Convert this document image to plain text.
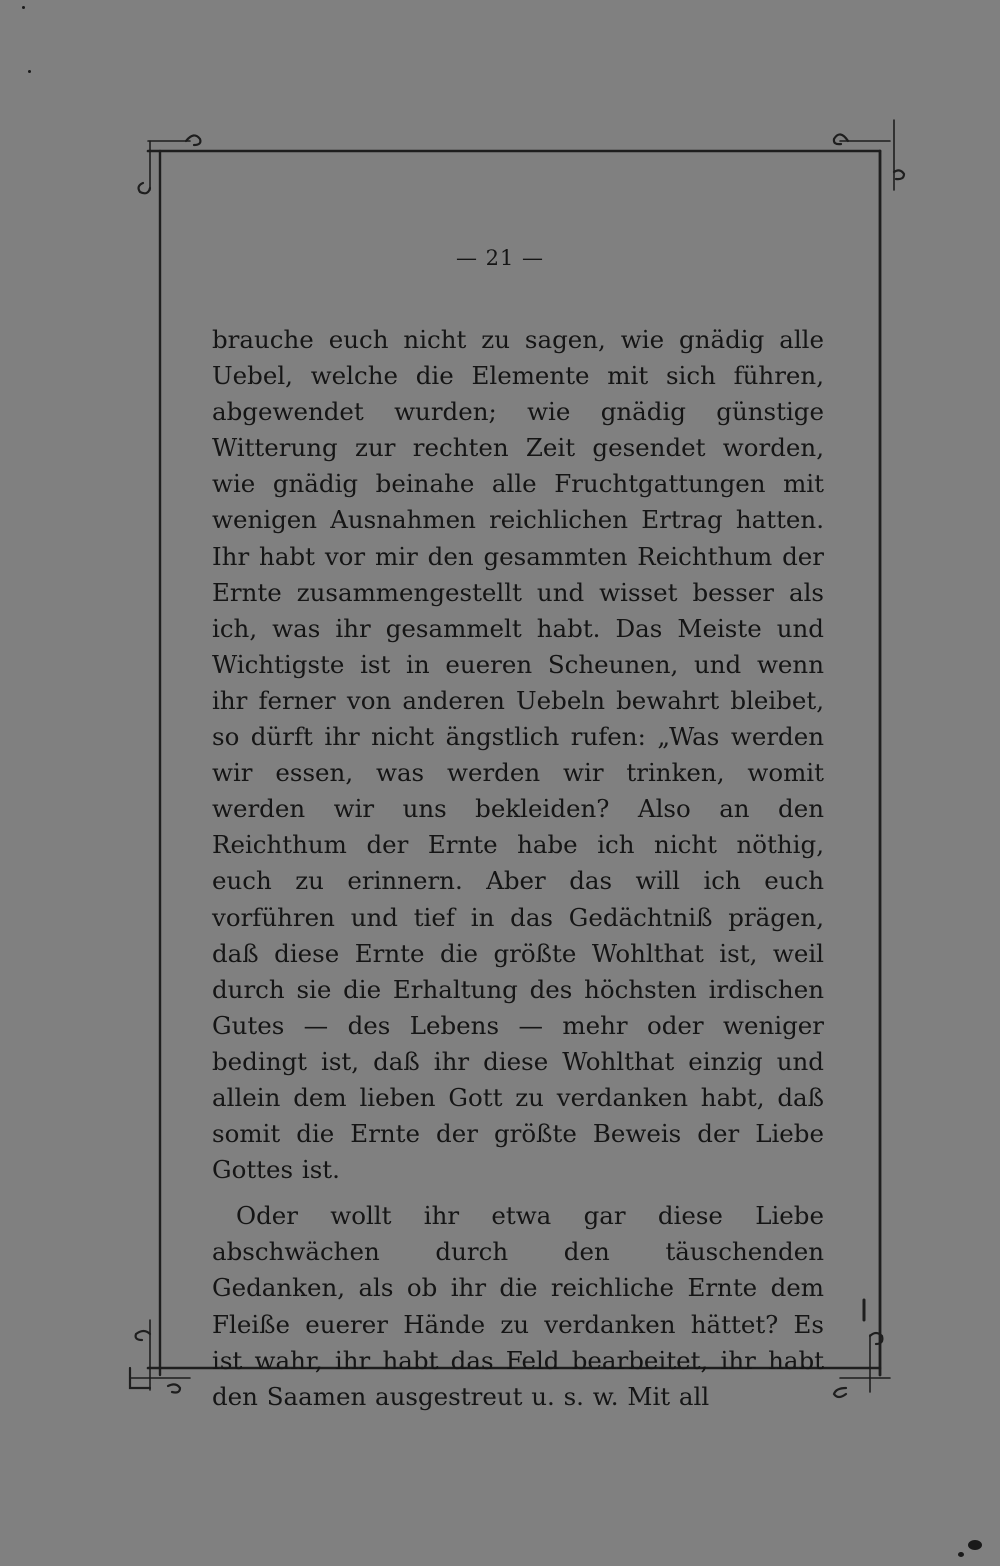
— 21 —

brauche euch nicht zu sagen, wie gnädig alle Uebel, welche die Elemente mit sich führen, abgewendet wurden; wie gnädig günstige Witterung zur rechten Zeit gesendet worden, wie gnädig beinahe alle Fruchtgattungen mit wenigen Ausnahmen reichlichen Ertrag hatten. Ihr habt vor mir den gesammten Reichthum der Ernte zusammengestellt und wisset besser als ich, was ihr gesammelt habt. Das Meiste und Wichtigste ist in eueren Scheunen, und wenn ihr ferner von anderen Uebeln bewahrt bleibet, so dürft ihr nicht ängstlich rufen: „Was werden wir essen, was werden wir trinken, womit werden wir uns bekleiden? Also an den Reichthum der Ernte habe ich nicht nöthig, euch zu erinnern. Aber das will ich euch vorführen und tief in das Gedächtniß prägen, daß diese Ernte die größte Wohlthat ist, weil durch sie die Erhaltung des höchsten irdischen Gutes — des Lebens — mehr oder weniger bedingt ist, daß ihr diese Wohlthat einzig und allein dem lieben Gott zu verdanken habt, daß somit die Ernte der größte Beweis der Liebe Gottes ist.

Oder wollt ihr etwa gar diese Liebe abschwächen durch den täuschenden Gedanken, als ob ihr die reichliche Ernte dem Fleiße euerer Hände zu verdanken hättet? Es ist wahr, ihr habt das Feld bearbeitet, ihr habt den Saamen ausgestreut u. s. w. Mit all
